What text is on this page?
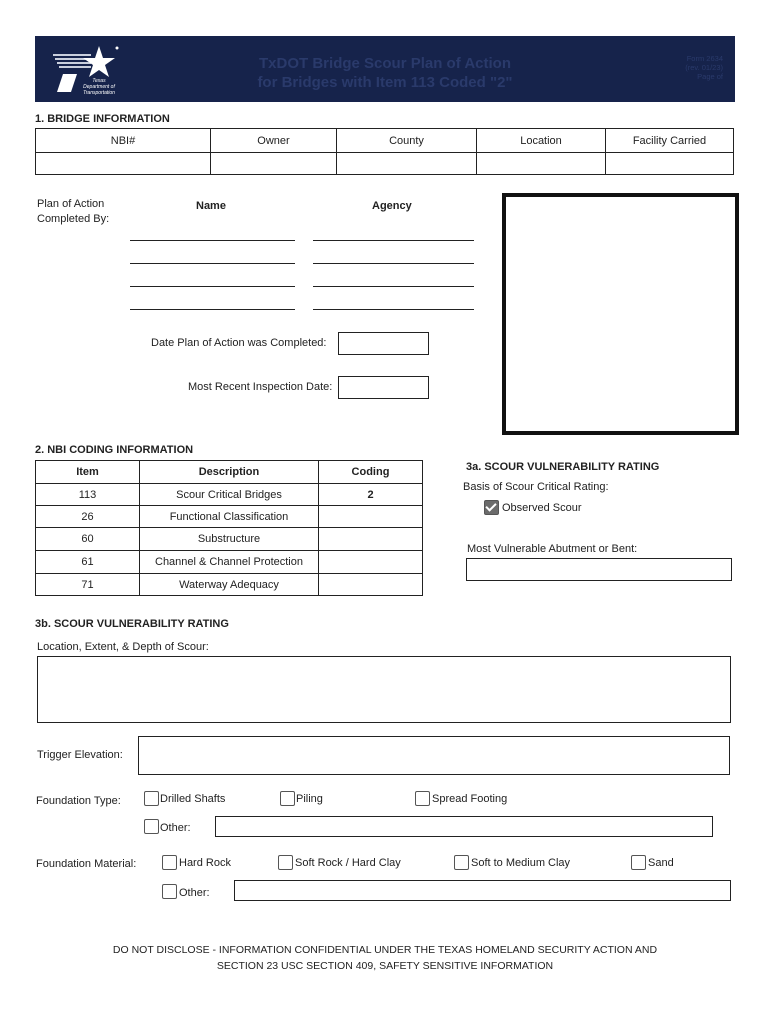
Texas Department of Transportation
TxDOT Bridge Scour Plan of Action
for Bridges with Item 113 Coded "2"
Form 2634
(rev. 01/23)
Page of
1. BRIDGE INFORMATION
NBI#	Owner	County	Location	Facility Carried

Plan of Action Completed By:
Name	Agency
Date Plan of Action was Completed:
Most Recent Inspection Date:
2. NBI CODING INFORMATION
Item	Description	Coding
113	Scour Critical Bridges	2
26	Functional Classification	
60	Substructure	
61	Channel & Channel Protection	
71	Waterway Adequacy	
3a. SCOUR VULNERABILITY RATING
Basis of Scour Critical Rating:
Observed Scour
Most Vulnerable Abutment or Bent:
3b. SCOUR VULNERABILITY RATING
Location, Extent, & Depth of Scour:
Trigger Elevation:
Foundation Type:	Drilled Shafts	Piling	Spread Footing
Other:
Foundation Material:	Hard Rock	Soft Rock / Hard Clay	Soft to Medium Clay	Sand
Other:
DO NOT DISCLOSE - INFORMATION CONFIDENTIAL UNDER THE TEXAS HOMELAND SECURITY ACTION AND
SECTION 23 USC SECTION 409, SAFETY SENSITIVE INFORMATION
